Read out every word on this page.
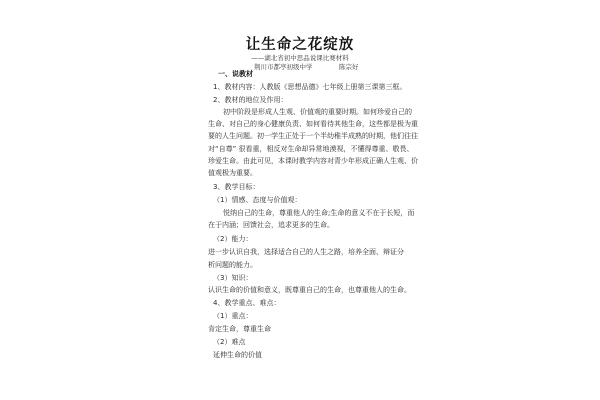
让生命之花绽放
——湖北省初中思品说课比赛材料
荆川市都亭初级中学	陈宗好
一、说教材
1、教材内容：人教版《思想品德》七年级上册第三课第三框。
2、教材的地位及作用：
初中阶段是形成人生观、价值观的重要时期。如何珍爱自己的
生命、对自己的身心健康负责、如何看待其他生命，这些都是极为重
要的人生问题。初一学生正处于一个半幼稚半成熟的时期，他们往往
对“自尊” 很看重，相反对生命却异常地漠视，不懂得尊重、敬畏、
珍爱生命。由此可见，本课时教学内容对青少年形成正确人生观、价
值观极为重要。
3、教学目标：
（1）情感、态度与价值观：
悦纳自己的生命，尊重他人的生命;生命的意义不在于长短，而
在于内涵；回馈社会，追求更多的生命。
（2）能力：
进一步认识自我，选择适合自己的人生之路，培养全面、辩证分
析问题的能力。
（3）知识：
认识生命的价值和意义，既尊重自己的生命，也尊重他人的生命。
4、教学重点、难点：
（1）重点：
肯定生命，尊重生命
（2）难点
延伸生命的价值
